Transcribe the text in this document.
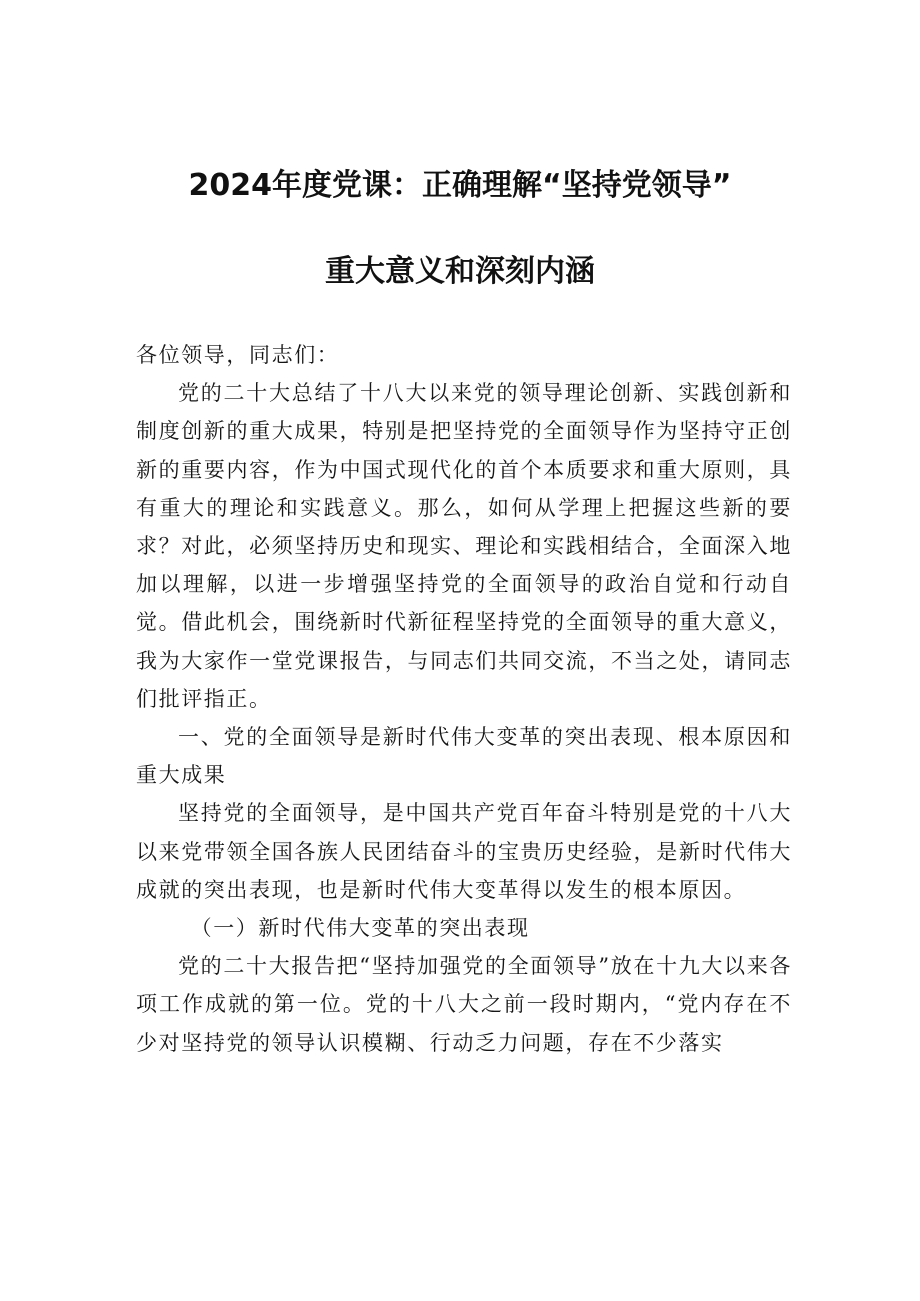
2024年度党课：正确理解“坚持党领导”
重大意义和深刻内涵

各位领导，同志们：

党的二十大总结了十八大以来党的领导理论创新、实践创新和制度创新的重大成果，特别是把坚持党的全面领导作为坚持守正创新的重要内容，作为中国式现代化的首个本质要求和重大原则，具有重大的理论和实践意义。那么，如何从学理上把握这些新的要求？对此，必须坚持历史和现实、理论和实践相结合，全面深入地加以理解，以进一步增强坚持党的全面领导的政治自觉和行动自觉。借此机会，围绕新时代新征程坚持党的全面领导的重大意义，我为大家作一堂党课报告，与同志们共同交流，不当之处，请同志们批评指正。

一、党的全面领导是新时代伟大变革的突出表现、根本原因和重大成果

坚持党的全面领导，是中国共产党百年奋斗特别是党的十八大以来党带领全国各族人民团结奋斗的宝贵历史经验，是新时代伟大成就的突出表现，也是新时代伟大变革得以发生的根本原因。

（一）新时代伟大变革的突出表现

党的二十大报告把“坚持加强党的全面领导”放在十九大以来各项工作成就的第一位。党的十八大之前一段时期内，“党内存在不少对坚持党的领导认识模糊、行动乏力问题，存在不少落实
